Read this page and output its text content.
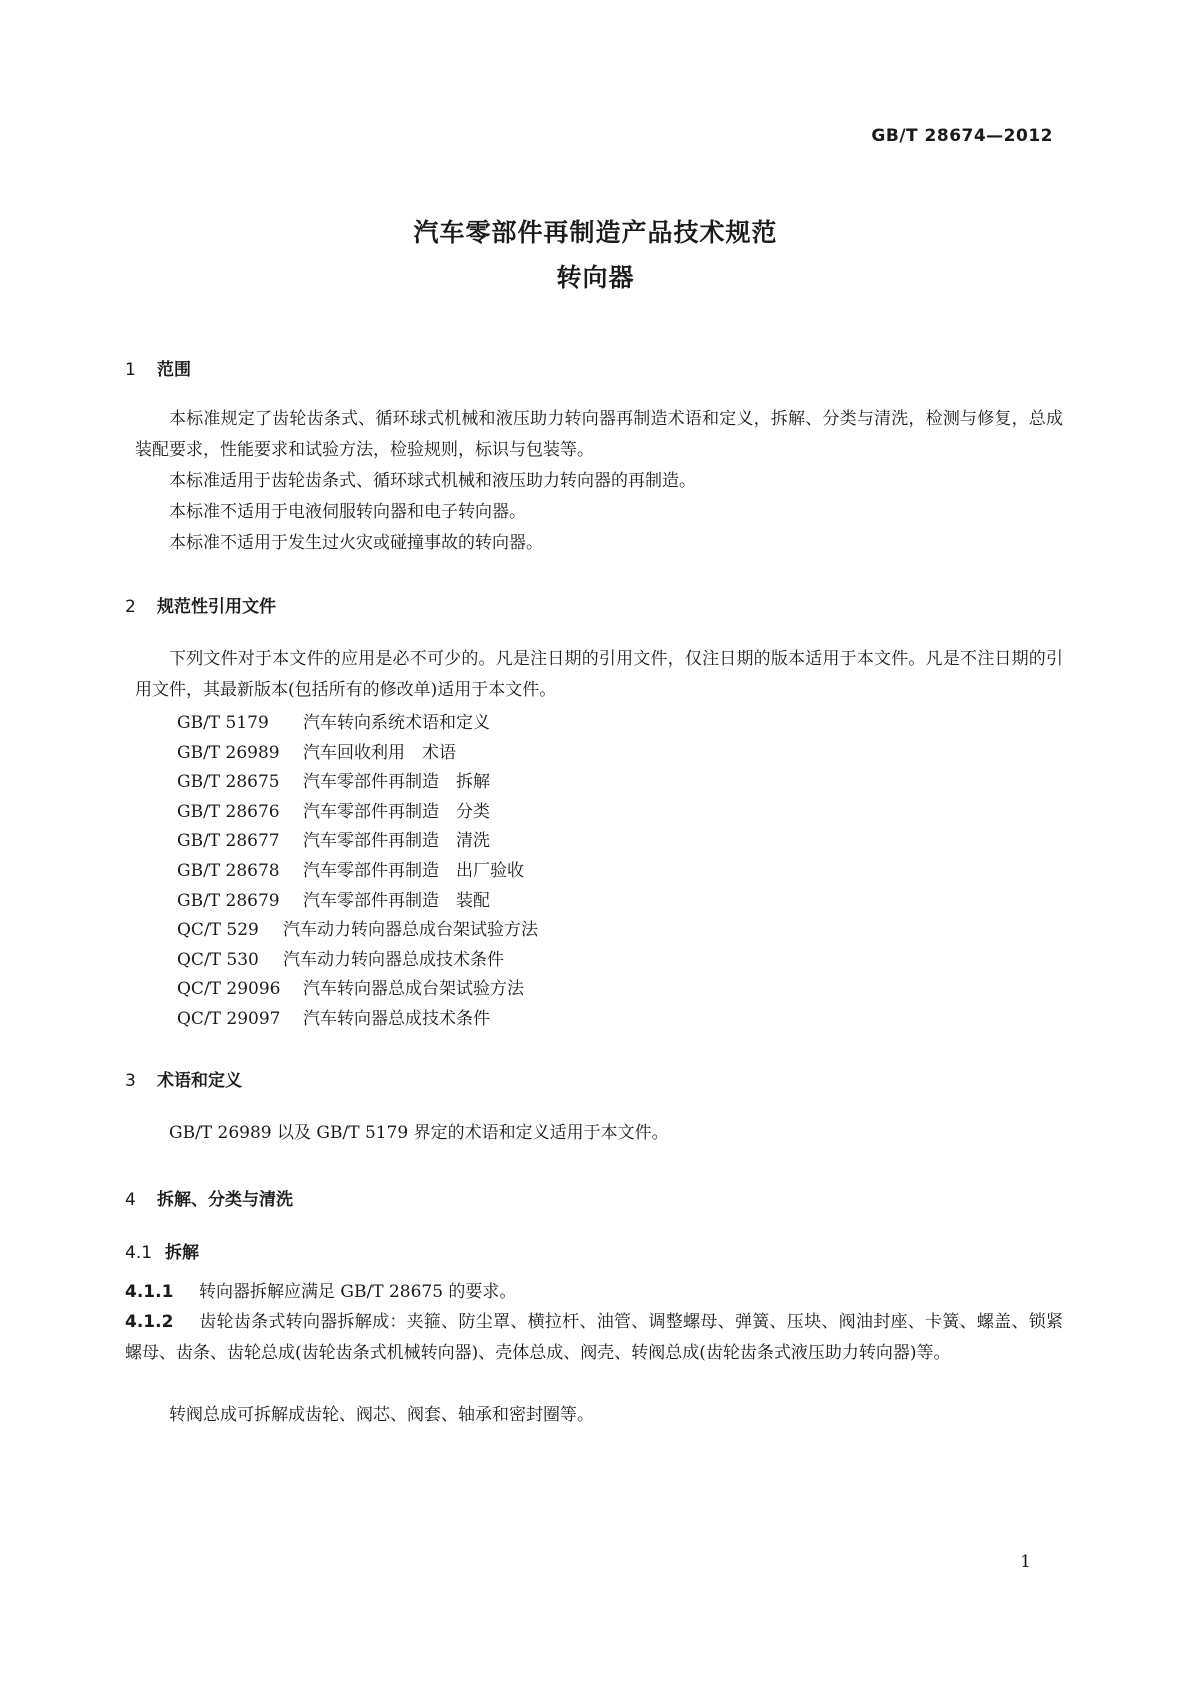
GB/T 28674—2012
汽车零部件再制造产品技术规范
转向器
1 范围

本标准规定了齿轮齿条式、循环球式机械和液压助力转向器再制造术语和定义，拆解、分类与清洗，检测与修复，总成装配要求，性能要求和试验方法，检验规则，标识与包装等。

本标准适用于齿轮齿条式、循环球式机械和液压助力转向器的再制造。

本标准不适用于电液伺服转向器和电子转向器。

本标准不适用于发生过火灾或碰撞事故的转向器。

2 规范性引用文件

下列文件对于本文件的应用是必不可少的。凡是注日期的引用文件，仅注日期的版本适用于本文件。凡是不注日期的引用文件，其最新版本(包括所有的修改单)适用于本文件。

GB/T 5179 汽车转向系统术语和定义
GB/T 26989 汽车回收利用　术语
GB/T 28675 汽车零部件再制造　拆解
GB/T 28676 汽车零部件再制造　分类
GB/T 28677 汽车零部件再制造　清洗
GB/T 28678 汽车零部件再制造　出厂验收
GB/T 28679 汽车零部件再制造　装配
QC/T 529 汽车动力转向器总成台架试验方法
QC/T 530 汽车动力转向器总成技术条件
QC/T 29096 汽车转向器总成台架试验方法
QC/T 29097 汽车转向器总成技术条件
3 术语和定义

GB/T 26989 以及 GB/T 5179 界定的术语和定义适用于本文件。

4 拆解、分类与清洗
4.1 拆解
4.1.1 转向器拆解应满足 GB/T 28675 的要求。
4.1.2 齿轮齿条式转向器拆解成：夹箍、防尘罩、横拉杆、油管、调整螺母、弹簧、压块、阀油封座、卡簧、螺盖、锁紧螺母、齿条、齿轮总成(齿轮齿条式机械转向器)、壳体总成、阀壳、转阀总成(齿轮齿条式液压助力转向器)等。

转阀总成可拆解成齿轮、阀芯、阀套、轴承和密封圈等。

1
